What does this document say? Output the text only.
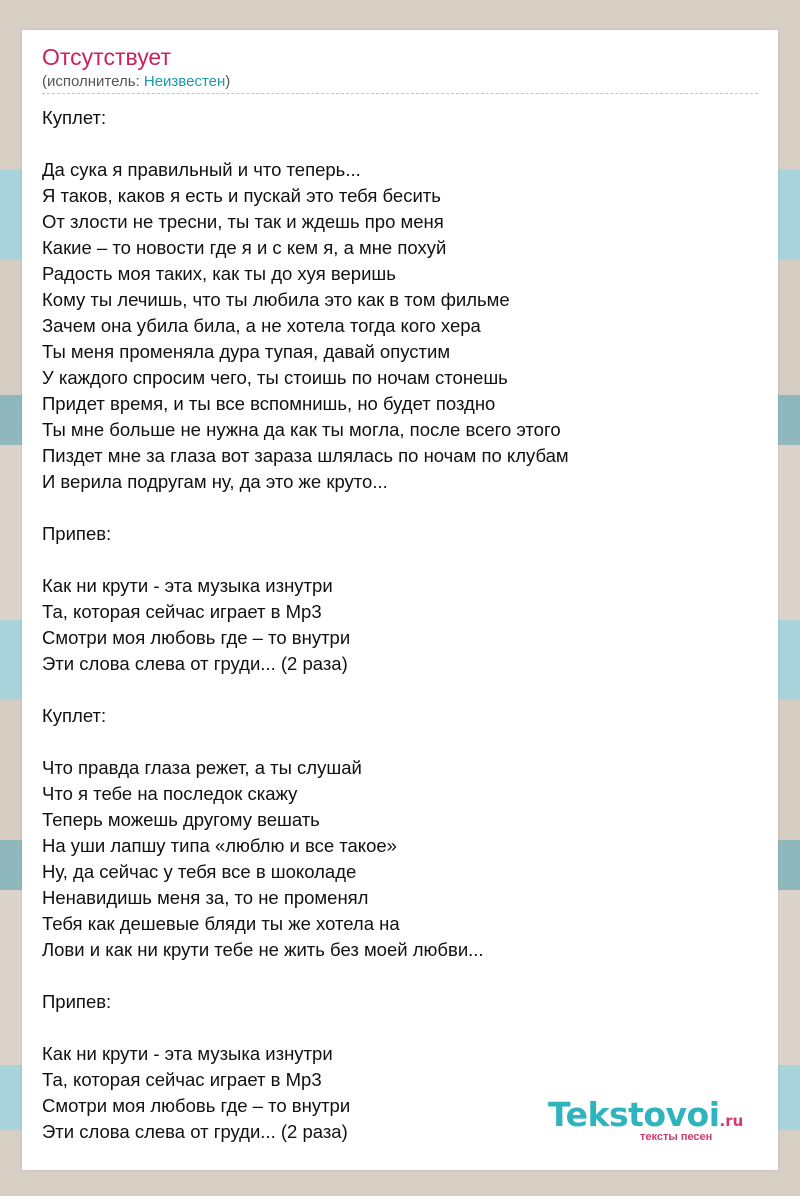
Отсутствует
(исполнитель: Неизвестен)
Куплет:

Да сука я правильный и что теперь...
Я таков, каков я есть и пускай это тебя бесить
От злости не тресни, ты так и ждешь про меня
Какие – то новости где я и с кем я, а мне похуй
Радость моя таких, как ты до хуя веришь
Кому ты лечишь, что ты любила это как в том фильме
Зачем она убила била, а не хотела тогда кого хера
Ты меня променяла дура тупая, давай опустим
У каждого спросим чего, ты стоишь по ночам стонешь
Придет время, и ты все вспомнишь, но будет поздно
Ты мне больше не нужна да как ты могла, после всего этого
Пиздет мне за глаза вот зараза шлялась по ночам по клубам
И верила подругам ну, да это же круто...

Припев:

Как ни крути - эта музыка изнутри
Та, которая сейчас играет в Mp3
Смотри моя любовь где – то внутри
Эти слова слева от груди... (2 раза)

Куплет:

Что правда глаза режет, а ты слушай
Что я тебе на последок скажу
Теперь можешь другому вешать
На уши лапшу типа «люблю и все такое»
Ну, да сейчас у тебя все в шоколаде
Ненавидишь меня за, то не променял
Тебя как дешевые бляди ты же хотела на
Лови и как ни крути тебе не жить без моей любви...

Припев:

Как ни крути - эта музыка изнутри
Та, которая сейчас играет в Mp3
Смотри моя любовь где – то внутри
Эти слова слева от груди... (2 раза)	Tekstovoi.ru
тексты песен
